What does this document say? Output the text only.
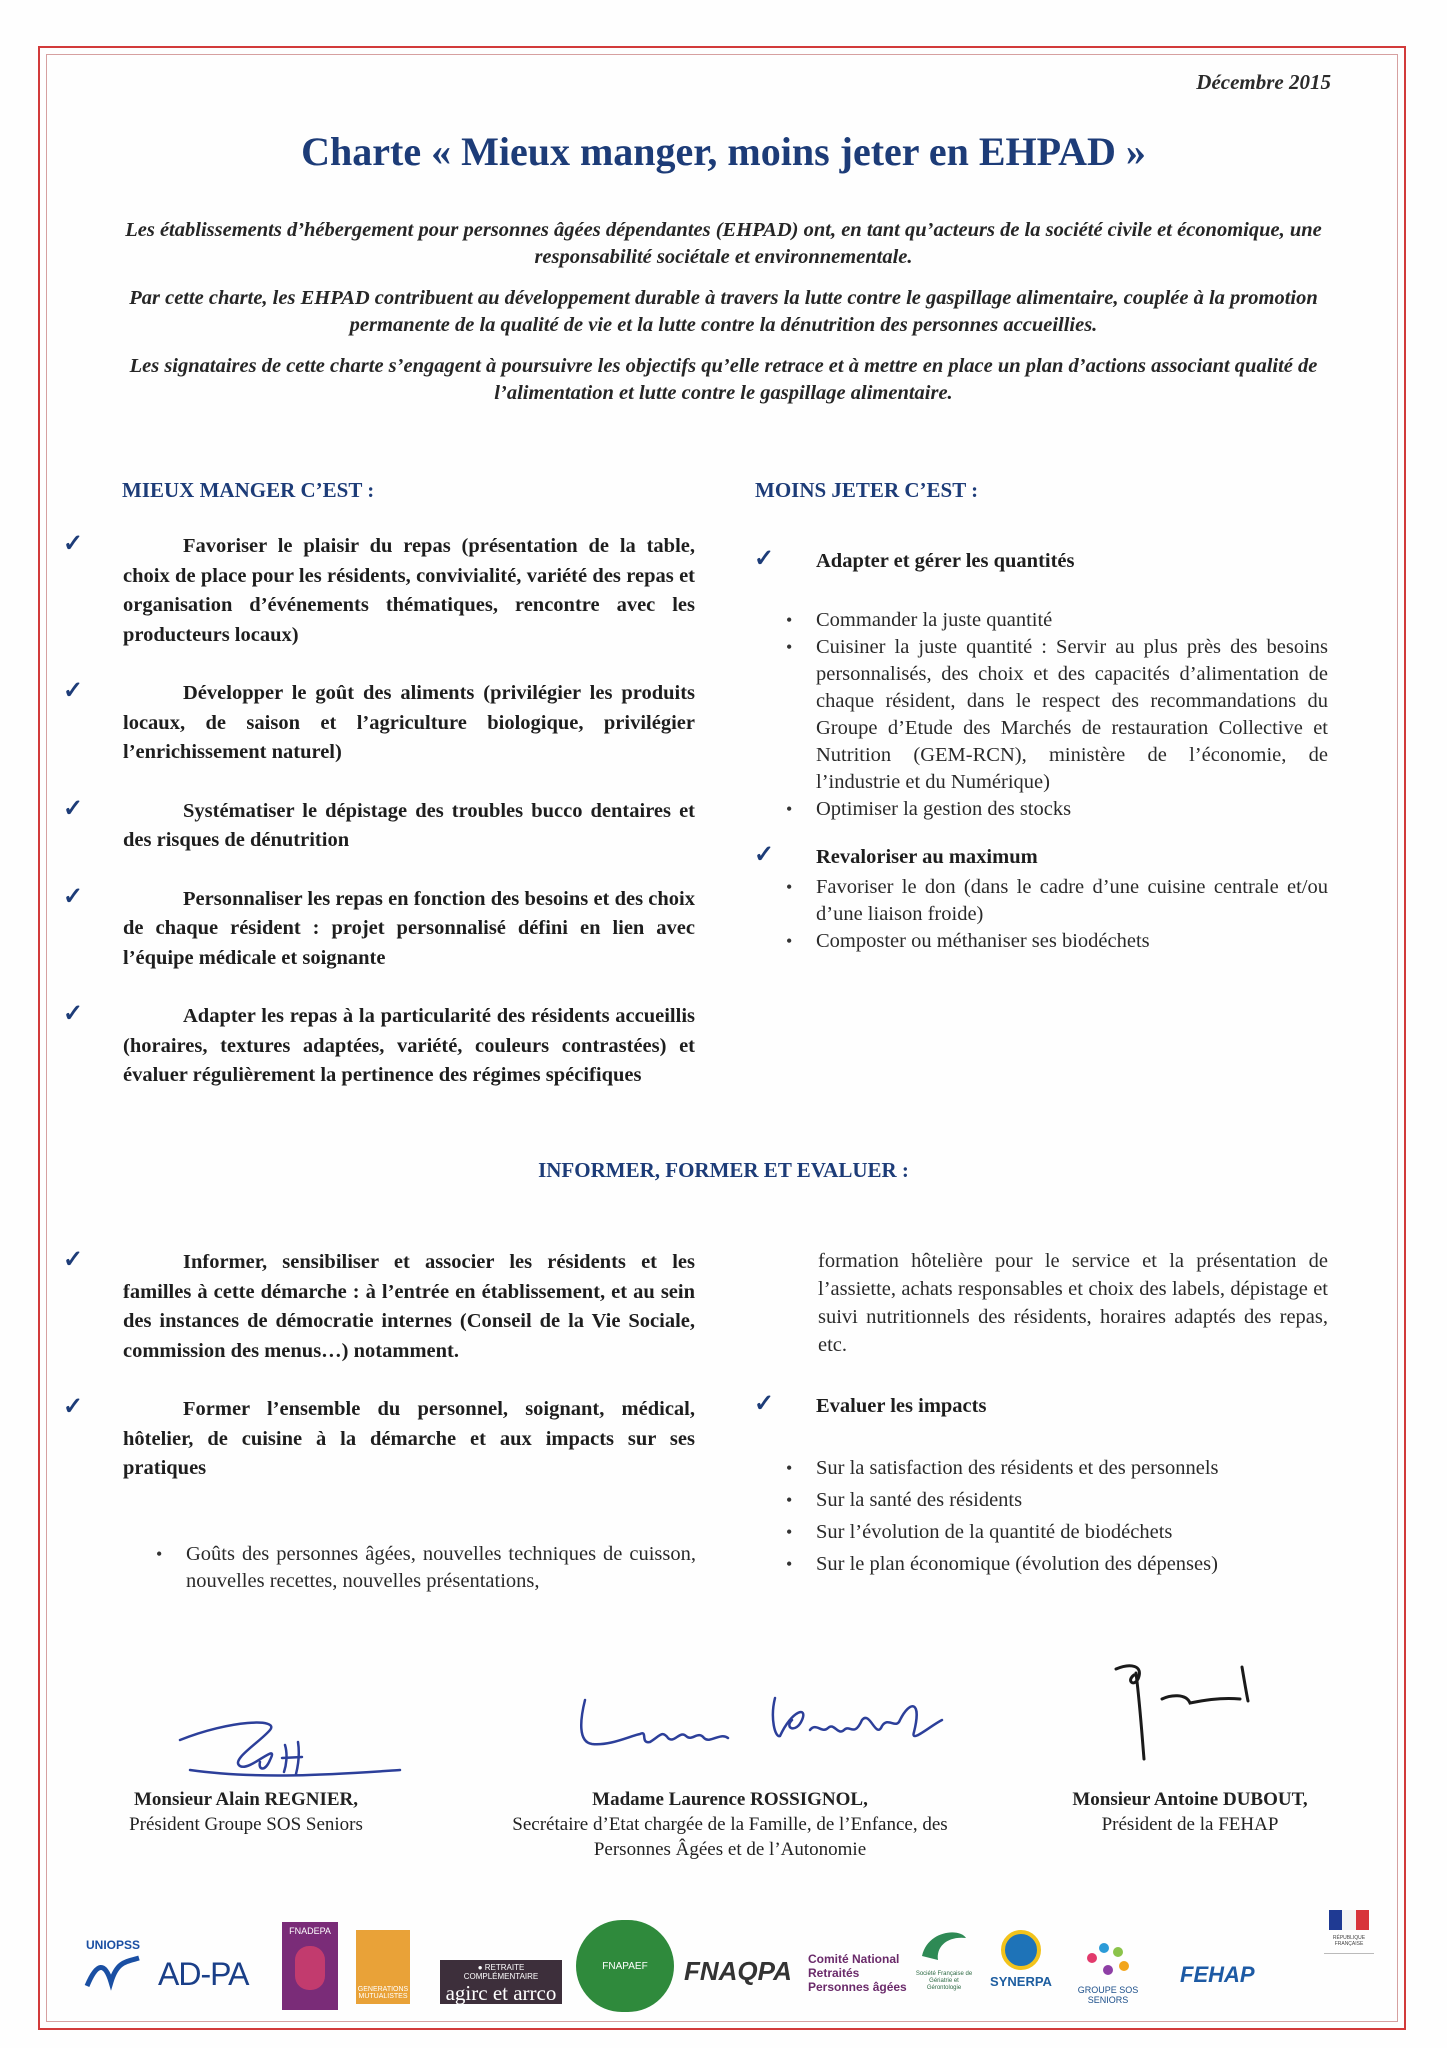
Décembre 2015
Charte « Mieux manger, moins jeter en EHPAD »

Les établissements d’hébergement pour personnes âgées dépendantes (EHPAD) ont, en tant qu’acteurs de la société civile et économique, une responsabilité sociétale et environnementale.

Par cette charte, les EHPAD contribuent au développement durable à travers la lutte contre le gaspillage alimentaire, couplée à la promotion permanente de la qualité de vie et la lutte contre la dénutrition des personnes accueillies.

Les signataires de cette charte s’engagent à poursuivre les objectifs qu’elle retrace et à mettre en place un plan d’actions associant qualité de l’alimentation et lutte contre le gaspillage alimentaire.

MIEUX MANGER C’EST :
✓	Favoriser le plaisir du repas (présentation de la table, choix de place pour les résidents, convivialité, variété des repas et organisation d’événements thématiques, rencontre avec les producteurs locaux)
✓	Développer le goût des aliments (privilégier les produits locaux, de saison et l’agriculture biologique, privilégier l’enrichissement naturel)
✓	Systématiser le dépistage des troubles bucco dentaires et des risques de dénutrition
✓	Personnaliser les repas en fonction des besoins et des choix de chaque résident : projet personnalisé défini en lien avec l’équipe médicale et soignante
✓	Adapter les repas à la particularité des résidents accueillis (horaires, textures adaptées, variété, couleurs contrastées) et évaluer régulièrement la pertinence des régimes spécifiques
MOINS JETER C’EST :
✓ Adapter et gérer les quantités
• Commander la juste quantité
• Cuisiner la juste quantité : Servir au plus près des besoins personnalisés, des choix et des capacités d’alimentation de chaque résident, dans le respect des recommandations du Groupe d’Etude des Marchés de restauration Collective et Nutrition (GEM-RCN), ministère de l’économie, de l’industrie et du Numérique)
• Optimiser la gestion des stocks
✓ Revaloriser au maximum
• Favoriser le don (dans le cadre d’une cuisine centrale et/ou d’une liaison froide)
• Composter ou méthaniser ses biodéchets
INFORMER, FORMER ET EVALUER :
✓	Informer, sensibiliser et associer les résidents et les familles à cette démarche : à l’entrée en établissement, et au sein des instances de démocratie internes (Conseil de la Vie Sociale, commission des menus…) notamment.
✓	Former l’ensemble du personnel, soignant, médical, hôtelier, de cuisine à la démarche et aux impacts sur ses pratiques
• Goûts des personnes âgées, nouvelles techniques de cuisson, nouvelles recettes, nouvelles présentations,
formation hôtelière pour le service et la présentation de l’assiette, achats responsables et choix des labels, dépistage et suivi nutritionnels des résidents, horaires adaptés des repas, etc.
✓ Evaluer les impacts
• Sur la satisfaction des résidents et des personnels
• Sur la santé des résidents
• Sur l’évolution de la quantité de biodéchets
• Sur le plan économique (évolution des dépenses)
Monsieur Alain REGNIER,
Président Groupe SOS Seniors
Madame Laurence ROSSIGNOL,
Secrétaire d’Etat chargée de la Famille, de l’Enfance, des Personnes Âgées et de l’Autonomie
Monsieur Antoine DUBOUT,
Président de la FEHAP
UNIOPSS
AD-PA
FNADEPA
GENERATIONS MUTUALISTES
● RETRAITE COMPLÉMENTAIRE
agirc et arrco
FNAPAEF	FNAQPA Comité National
Retraités
Personnes âgées
Société Française de Gériatrie et Gérontologie	SYNERPA
GROUPE SOS SENIORS
FEHAP
RÉPUBLIQUE FRANÇAISE
